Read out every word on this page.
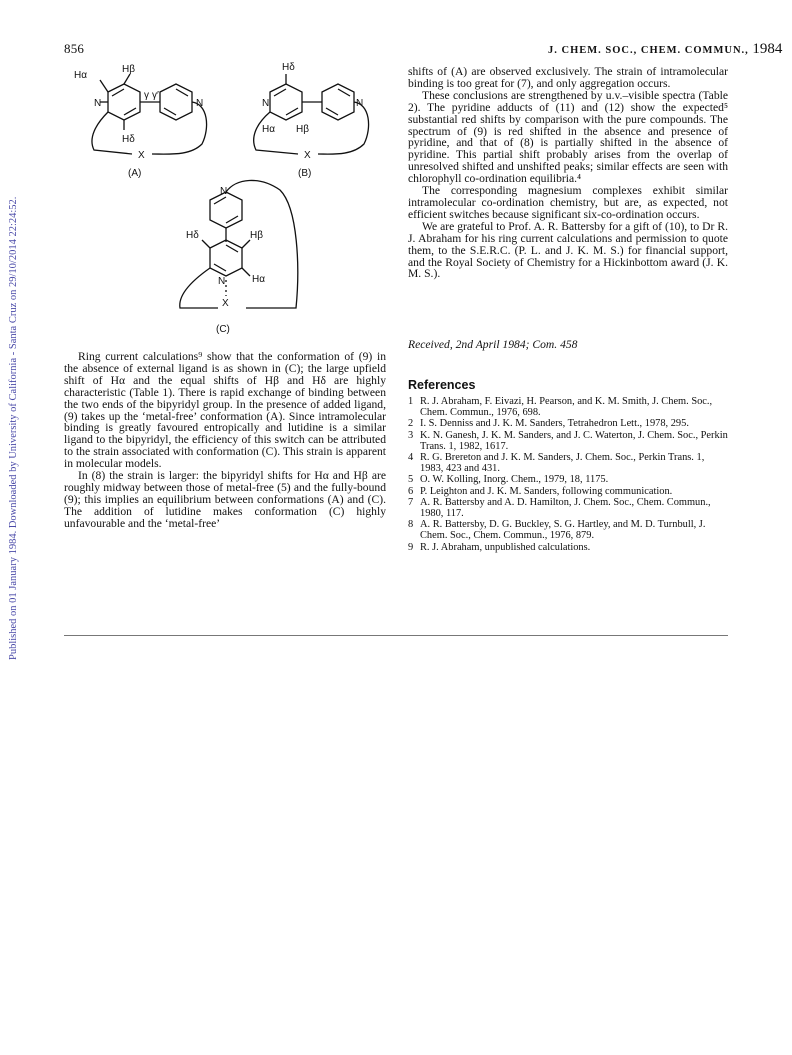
Published on 01 January 1984. Downloaded by University of California - Santa Cruz on 29/10/2014 22:24:52.
856	J. CHEM. SOC., CHEM. COMMUN., 1984
Hα
Hβ
N
γ γ′
N
Hδ
X
(A)
Hδ
N	N
Hα Hβ
X
(B)
N
Hδ	Hβ
Hα
N
X
(C)

Ring current calculations⁹ show that the conformation of (9) in the absence of external ligand is as shown in (C); the large upfield shift of Hα and the equal shifts of Hβ and Hδ are highly characteristic (Table 1). There is rapid exchange of binding between the two ends of the bipyridyl group. In the presence of added ligand, (9) takes up the ‘metal-free’ conformation (A). Since intramolecular binding is greatly favoured entropically and lutidine is a similar ligand to the bipyridyl, the efficiency of this switch can be attributed to the strain associated with conformation (C). This strain is apparent in molecular models.

In (8) the strain is larger: the bipyridyl shifts for Hα and Hβ are roughly midway between those of metal-free (5) and the fully-bound (9); this implies an equilibrium between conformations (A) and (C). The addition of lutidine makes conformation (C) highly unfavourable and the ‘metal-free’

shifts of (A) are observed exclusively. The strain of intramolecular binding is too great for (7), and only aggregation occurs.

These conclusions are strengthened by u.v.–visible spectra (Table 2). The pyridine adducts of (11) and (12) show the expected⁵ substantial red shifts by comparison with the pure compounds. The spectrum of (9) is red shifted in the absence and presence of pyridine, and that of (8) is partially shifted in the absence of pyridine. This partial shift probably arises from the overlap of unresolved shifted and unshifted peaks; similar effects are seen with chlorophyll co-ordination equilibria.⁴

The corresponding magnesium complexes exhibit similar intramolecular co-ordination chemistry, but are, as expected, not efficient switches because significant six-co-ordination occurs.

We are grateful to Prof. A. R. Battersby for a gift of (10), to Dr R. J. Abraham for his ring current calculations and permission to quote them, to the S.E.R.C. (P. L. and J. K. M. S.) for financial support, and the Royal Society of Chemistry for a Hickinbottom award (J. K. M. S.).

Received, 2nd April 1984; Com. 458
References
1 R. J. Abraham, F. Eivazi, H. Pearson, and K. M. Smith, J. Chem. Soc., Chem. Commun., 1976, 698.
2 I. S. Denniss and J. K. M. Sanders, Tetrahedron Lett., 1978, 295.
3 K. N. Ganesh, J. K. M. Sanders, and J. C. Waterton, J. Chem. Soc., Perkin Trans. 1, 1982, 1617.
4 R. G. Brereton and J. K. M. Sanders, J. Chem. Soc., Perkin Trans. 1, 1983, 423 and 431.
5 O. W. Kolling, Inorg. Chem., 1979, 18, 1175.
6 P. Leighton and J. K. M. Sanders, following communication.
7 A. R. Battersby and A. D. Hamilton, J. Chem. Soc., Chem. Commun., 1980, 117.
8 A. R. Battersby, D. G. Buckley, S. G. Hartley, and M. D. Turnbull, J. Chem. Soc., Chem. Commun., 1976, 879.
9 R. J. Abraham, unpublished calculations.
